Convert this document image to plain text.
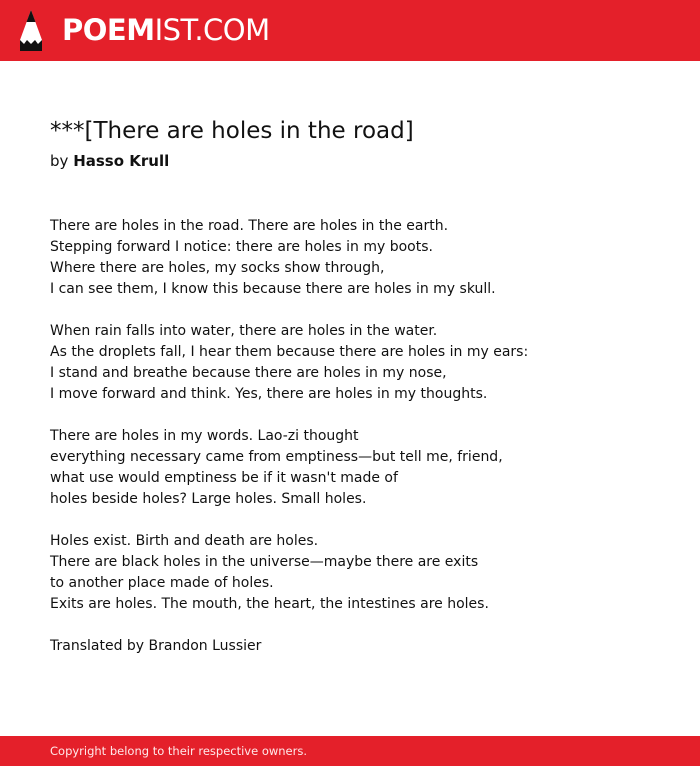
POEMIST.COM
***[There are holes in the road]
by Hasso Krull
There are holes in the road. There are holes in the earth.
Stepping forward I notice: there are holes in my boots.
Where there are holes, my socks show through,
I can see them, I know this because there are holes in my skull.
When rain falls into water, there are holes in the water.
As the droplets fall, I hear them because there are holes in my ears:
I stand and breathe because there are holes in my nose,
I move forward and think. Yes, there are holes in my thoughts.
There are holes in my words. Lao-zi thought
everything necessary came from emptiness—but tell me, friend,
what use would emptiness be if it wasn't made of
holes beside holes? Large holes. Small holes.
Holes exist. Birth and death are holes.
There are black holes in the universe—maybe there are exits
to another place made of holes.
Exits are holes. The mouth, the heart, the intestines are holes.
Translated by Brandon Lussier
Copyright belong to their respective owners.
